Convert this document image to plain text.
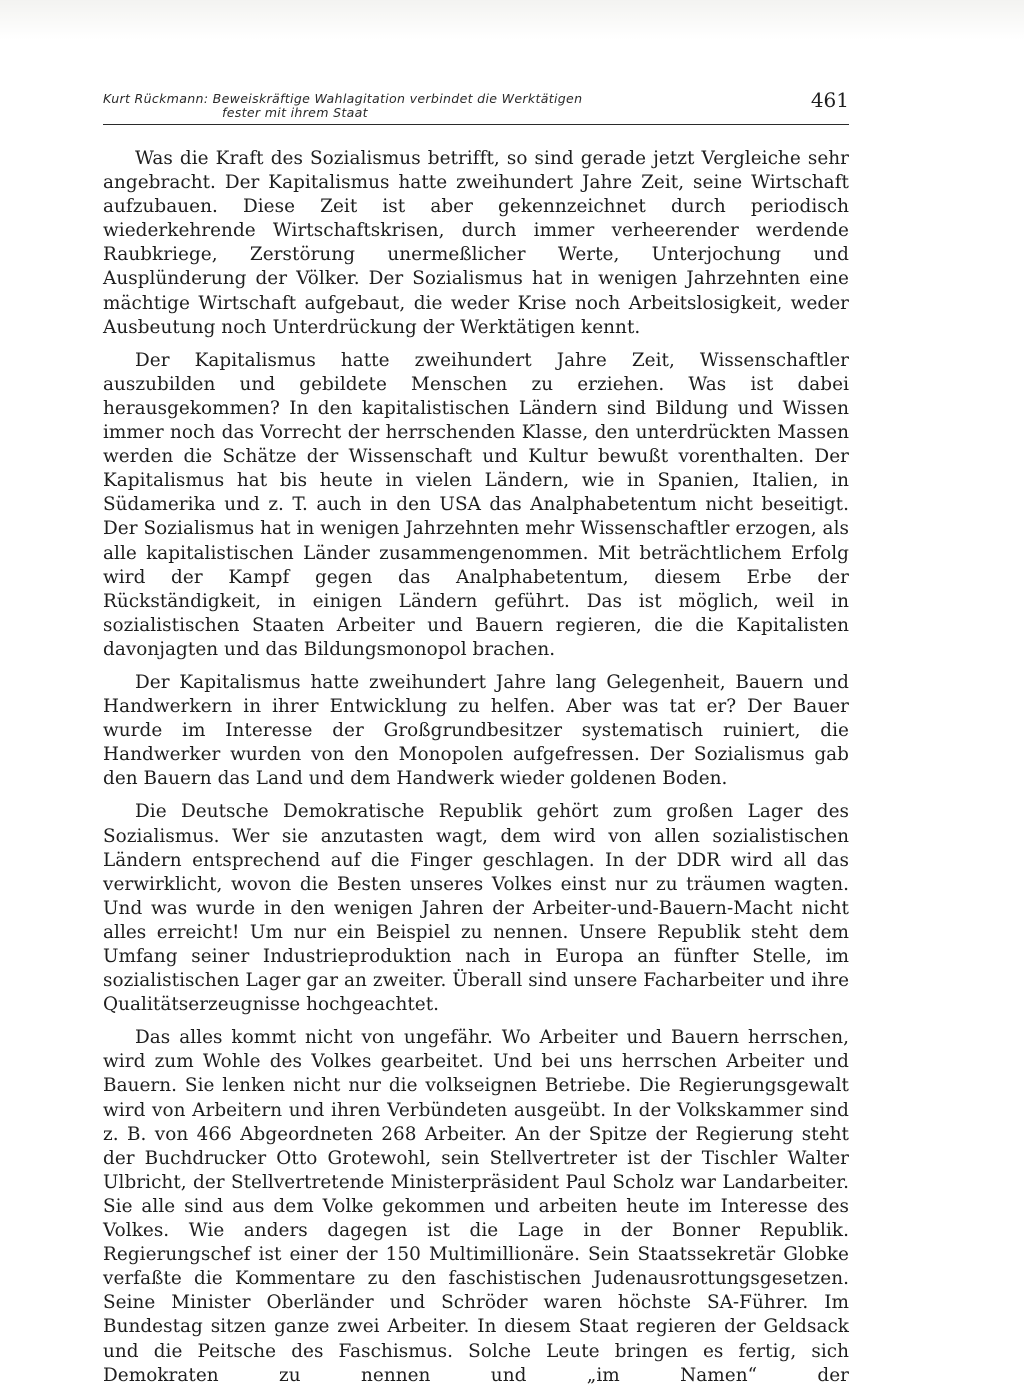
Kurt Rückmann: Beweiskräftige Wahlagitation verbindet die Werktätigen
fester mit ihrem Staat
461

Was die Kraft des Sozialismus betrifft, so sind gerade jetzt Vergleiche sehr angebracht. Der Kapitalismus hatte zweihundert Jahre Zeit, seine Wirtschaft aufzubauen. Diese Zeit ist aber gekennzeichnet durch periodisch wiederkehrende Wirtschaftskrisen, durch immer verheerender werdende Raubkriege, Zerstörung unermeßlicher Werte, Unterjochung und Ausplünderung der Völker. Der Sozialismus hat in wenigen Jahrzehnten eine mächtige Wirtschaft aufgebaut, die weder Krise noch Arbeitslosigkeit, weder Ausbeutung noch Unterdrückung der Werktätigen kennt.

Der Kapitalismus hatte zweihundert Jahre Zeit, Wissenschaftler auszubilden und gebildete Menschen zu erziehen. Was ist dabei herausgekommen? In den kapitalistischen Ländern sind Bildung und Wissen immer noch das Vorrecht der herrschenden Klasse, den unterdrückten Massen werden die Schätze der Wissenschaft und Kultur bewußt vorenthalten. Der Kapitalismus hat bis heute in vielen Ländern, wie in Spanien, Italien, in Südamerika und z. T. auch in den USA das Analphabetentum nicht beseitigt. Der Sozialismus hat in wenigen Jahrzehnten mehr Wissenschaftler erzogen, als alle kapitalistischen Länder zusammengenommen. Mit beträchtlichem Erfolg wird der Kampf gegen das Analphabetentum, diesem Erbe der Rückständigkeit, in einigen Ländern geführt. Das ist möglich, weil in sozialistischen Staaten Arbeiter und Bauern regieren, die die Kapitalisten davonjagten und das Bildungsmonopol brachen.

Der Kapitalismus hatte zweihundert Jahre lang Gelegenheit, Bauern und Handwerkern in ihrer Entwicklung zu helfen. Aber was tat er? Der Bauer wurde im Interesse der Großgrundbesitzer systematisch ruiniert, die Handwerker wurden von den Monopolen aufgefressen. Der Sozialismus gab den Bauern das Land und dem Handwerk wieder goldenen Boden.

Die Deutsche Demokratische Republik gehört zum großen Lager des Sozialismus. Wer sie anzutasten wagt, dem wird von allen sozialistischen Ländern entsprechend auf die Finger geschlagen. In der DDR wird all das verwirklicht, wovon die Besten unseres Volkes einst nur zu träumen wagten. Und was wurde in den wenigen Jahren der Arbeiter-und-Bauern-Macht nicht alles erreicht! Um nur ein Beispiel zu nennen. Unsere Republik steht dem Umfang seiner Industrieproduktion nach in Europa an fünfter Stelle, im sozialistischen Lager gar an zweiter. Überall sind unsere Facharbeiter und ihre Qualitätserzeugnisse hochgeachtet.

Das alles kommt nicht von ungefähr. Wo Arbeiter und Bauern herrschen, wird zum Wohle des Volkes gearbeitet. Und bei uns herrschen Arbeiter und Bauern. Sie lenken nicht nur die volkseignen Betriebe. Die Regierungsgewalt wird von Arbeitern und ihren Verbündeten ausgeübt. In der Volkskammer sind z. B. von 466 Abgeordneten 268 Arbeiter. An der Spitze der Regierung steht der Buchdrucker Otto Grotewohl, sein Stellvertreter ist der Tischler Walter Ulbricht, der Stellvertretende Ministerpräsident Paul Scholz war Landarbeiter. Sie alle sind aus dem Volke gekommen und arbeiten heute im Interesse des Volkes. Wie anders dagegen ist die Lage in der Bonner Republik. Regierungschef ist einer der 150 Multimillionäre. Sein Staatssekretär Globke verfaßte die Kommentare zu den faschistischen Judenausrottungsgesetzen. Seine Minister Oberländer und Schröder waren höchste SA-Führer. Im Bundestag sitzen ganze zwei Arbeiter. In diesem Staat regieren der Geldsack und die Peitsche des Faschismus. Solche Leute bringen es fertig, sich Demokraten zu nennen und „im Namen“ der
